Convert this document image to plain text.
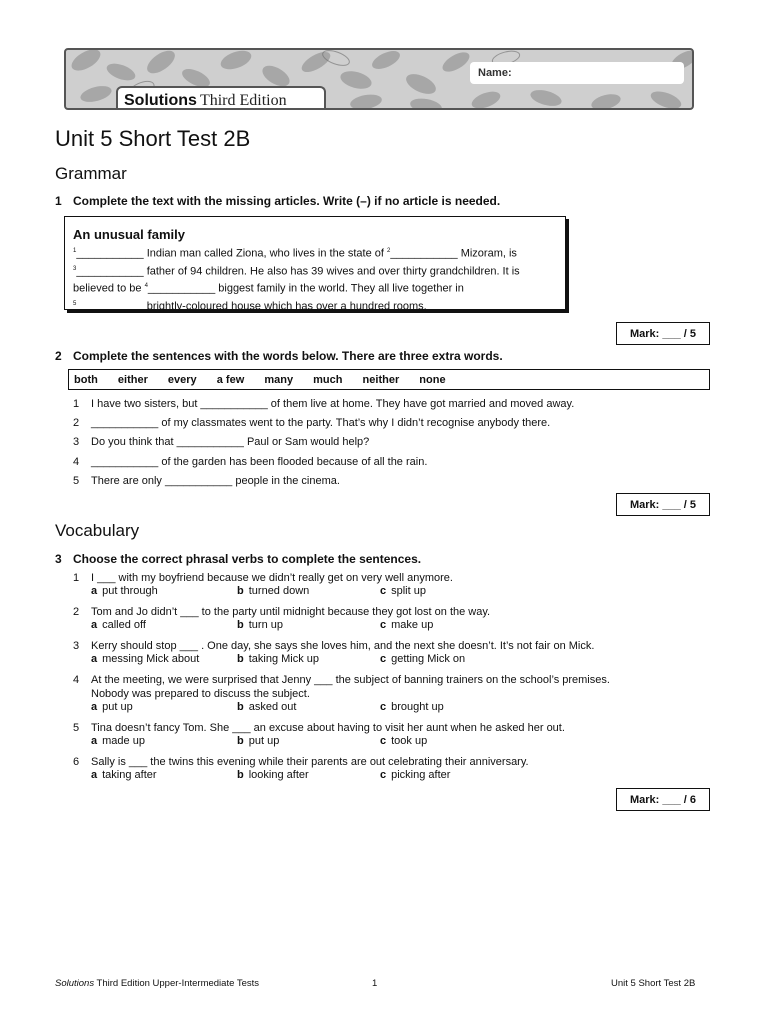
Name:
Solutions Third Edition
Unit 5 Short Test 2B
Grammar
1 Complete the text with the missing articles. Write (–) if no article is needed.
An unusual family

$^1$___________ Indian man called Ziona, who lives in the state of $^2$___________ Mizoram, is
$^3$___________ father of 94 children. He also has 39 wives and over thirty grandchildren. It is
believed to be $^4$___________ biggest family in the world. They all live together in
$^5$___________ brightly-coloured house which has over a hundred rooms.

Mark: ___ / 5
2 Complete the sentences with the words below. There are three extra words.
both either every a few many much neither none
1 I have two sisters, but ___________ of them live at home. They have got married and moved away.
2 ___________ of my classmates went to the party. That’s why I didn’t recognise anybody there.
3 Do you think that ___________ Paul or Sam would help?
4 ___________ of the garden has been flooded because of all the rain.
5 There are only ___________ people in the cinema.
Mark: ___ / 5
Vocabulary
3 Choose the correct phrasal verbs to complete the sentences.
1 I ___ with my boyfriend because we didn’t really get on very well anymore.
a put through	b turned down	c split up
2 Tom and Jo didn’t ___ to the party until midnight because they got lost on the way.
a called off	b turn up	c make up
3 Kerry should stop ___ . One day, she says she loves him, and the next she doesn’t. It’s not fair on Mick.
a messing Mick about	b taking Mick up	c getting Mick on
4 At the meeting, we were surprised that Jenny ___ the subject of banning trainers on the school’s premises.
Nobody was prepared to discuss the subject.
a put up	b asked out	c brought up
5 Tina doesn’t fancy Tom. She ___ an excuse about having to visit her aunt when he asked her out.
a made up	b put up	c took up
6 Sally is ___ the twins this evening while their parents are out celebrating their anniversary.
a taking after	b looking after	c picking after
Mark: ___ / 6
Solutions Third Edition Upper-Intermediate Tests	1	Unit 5 Short Test 2B
